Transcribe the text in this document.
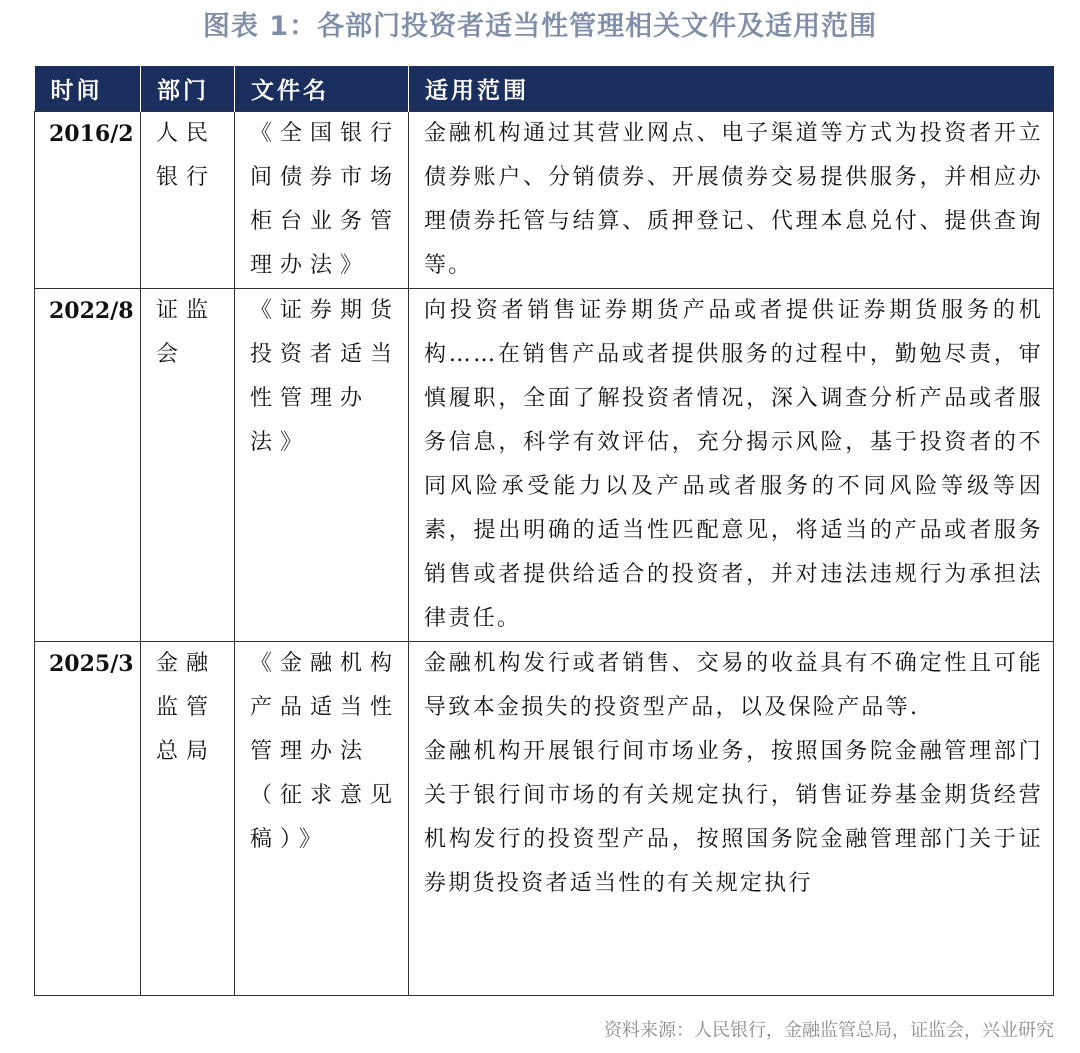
图表 1：各部门投资者适当性管理相关文件及适用范围
时间	部门	文件名	适用范围
2016/2	人民银行	《全国银行间债券市场柜台业务管理办法》	金融机构通过其营业网点、电子渠道等方式为投资者开立债券账户、分销债券、开展债券交易提供服务，并相应办理债券托管与结算、质押登记、代理本息兑付、提供查询等。

2022/8	证监会	《证券期货投资者适当性管理办法》	向投资者销售证券期货产品或者提供证券期货服务的机构……在销售产品或者提供服务的过程中，勤勉尽责，审慎履职，全面了解投资者情况，深入调查分析产品或者服务信息，科学有效评估，充分揭示风险，基于投资者的不同风险承受能力以及产品或者服务的不同风险等级等因素，提出明确的适当性匹配意见，将适当的产品或者服务销售或者提供给适合的投资者，并对违法违规行为承担法律责任。

2025/3	金融监管总局	《金融机构产品适当性管理办法（征求意见稿）》	金融机构发行或者销售、交易的收益具有不确定性且可能导致本金损失的投资型产品，以及保险产品等.

金融机构开展银行间市场业务，按照国务院金融管理部门关于银行间市场的有关规定执行，销售证券基金期货经营机构发行的投资型产品，按照国务院金融管理部门关于证券期货投资者适当性的有关规定执行

资料来源：人民银行，金融监管总局，证监会，兴业研究
